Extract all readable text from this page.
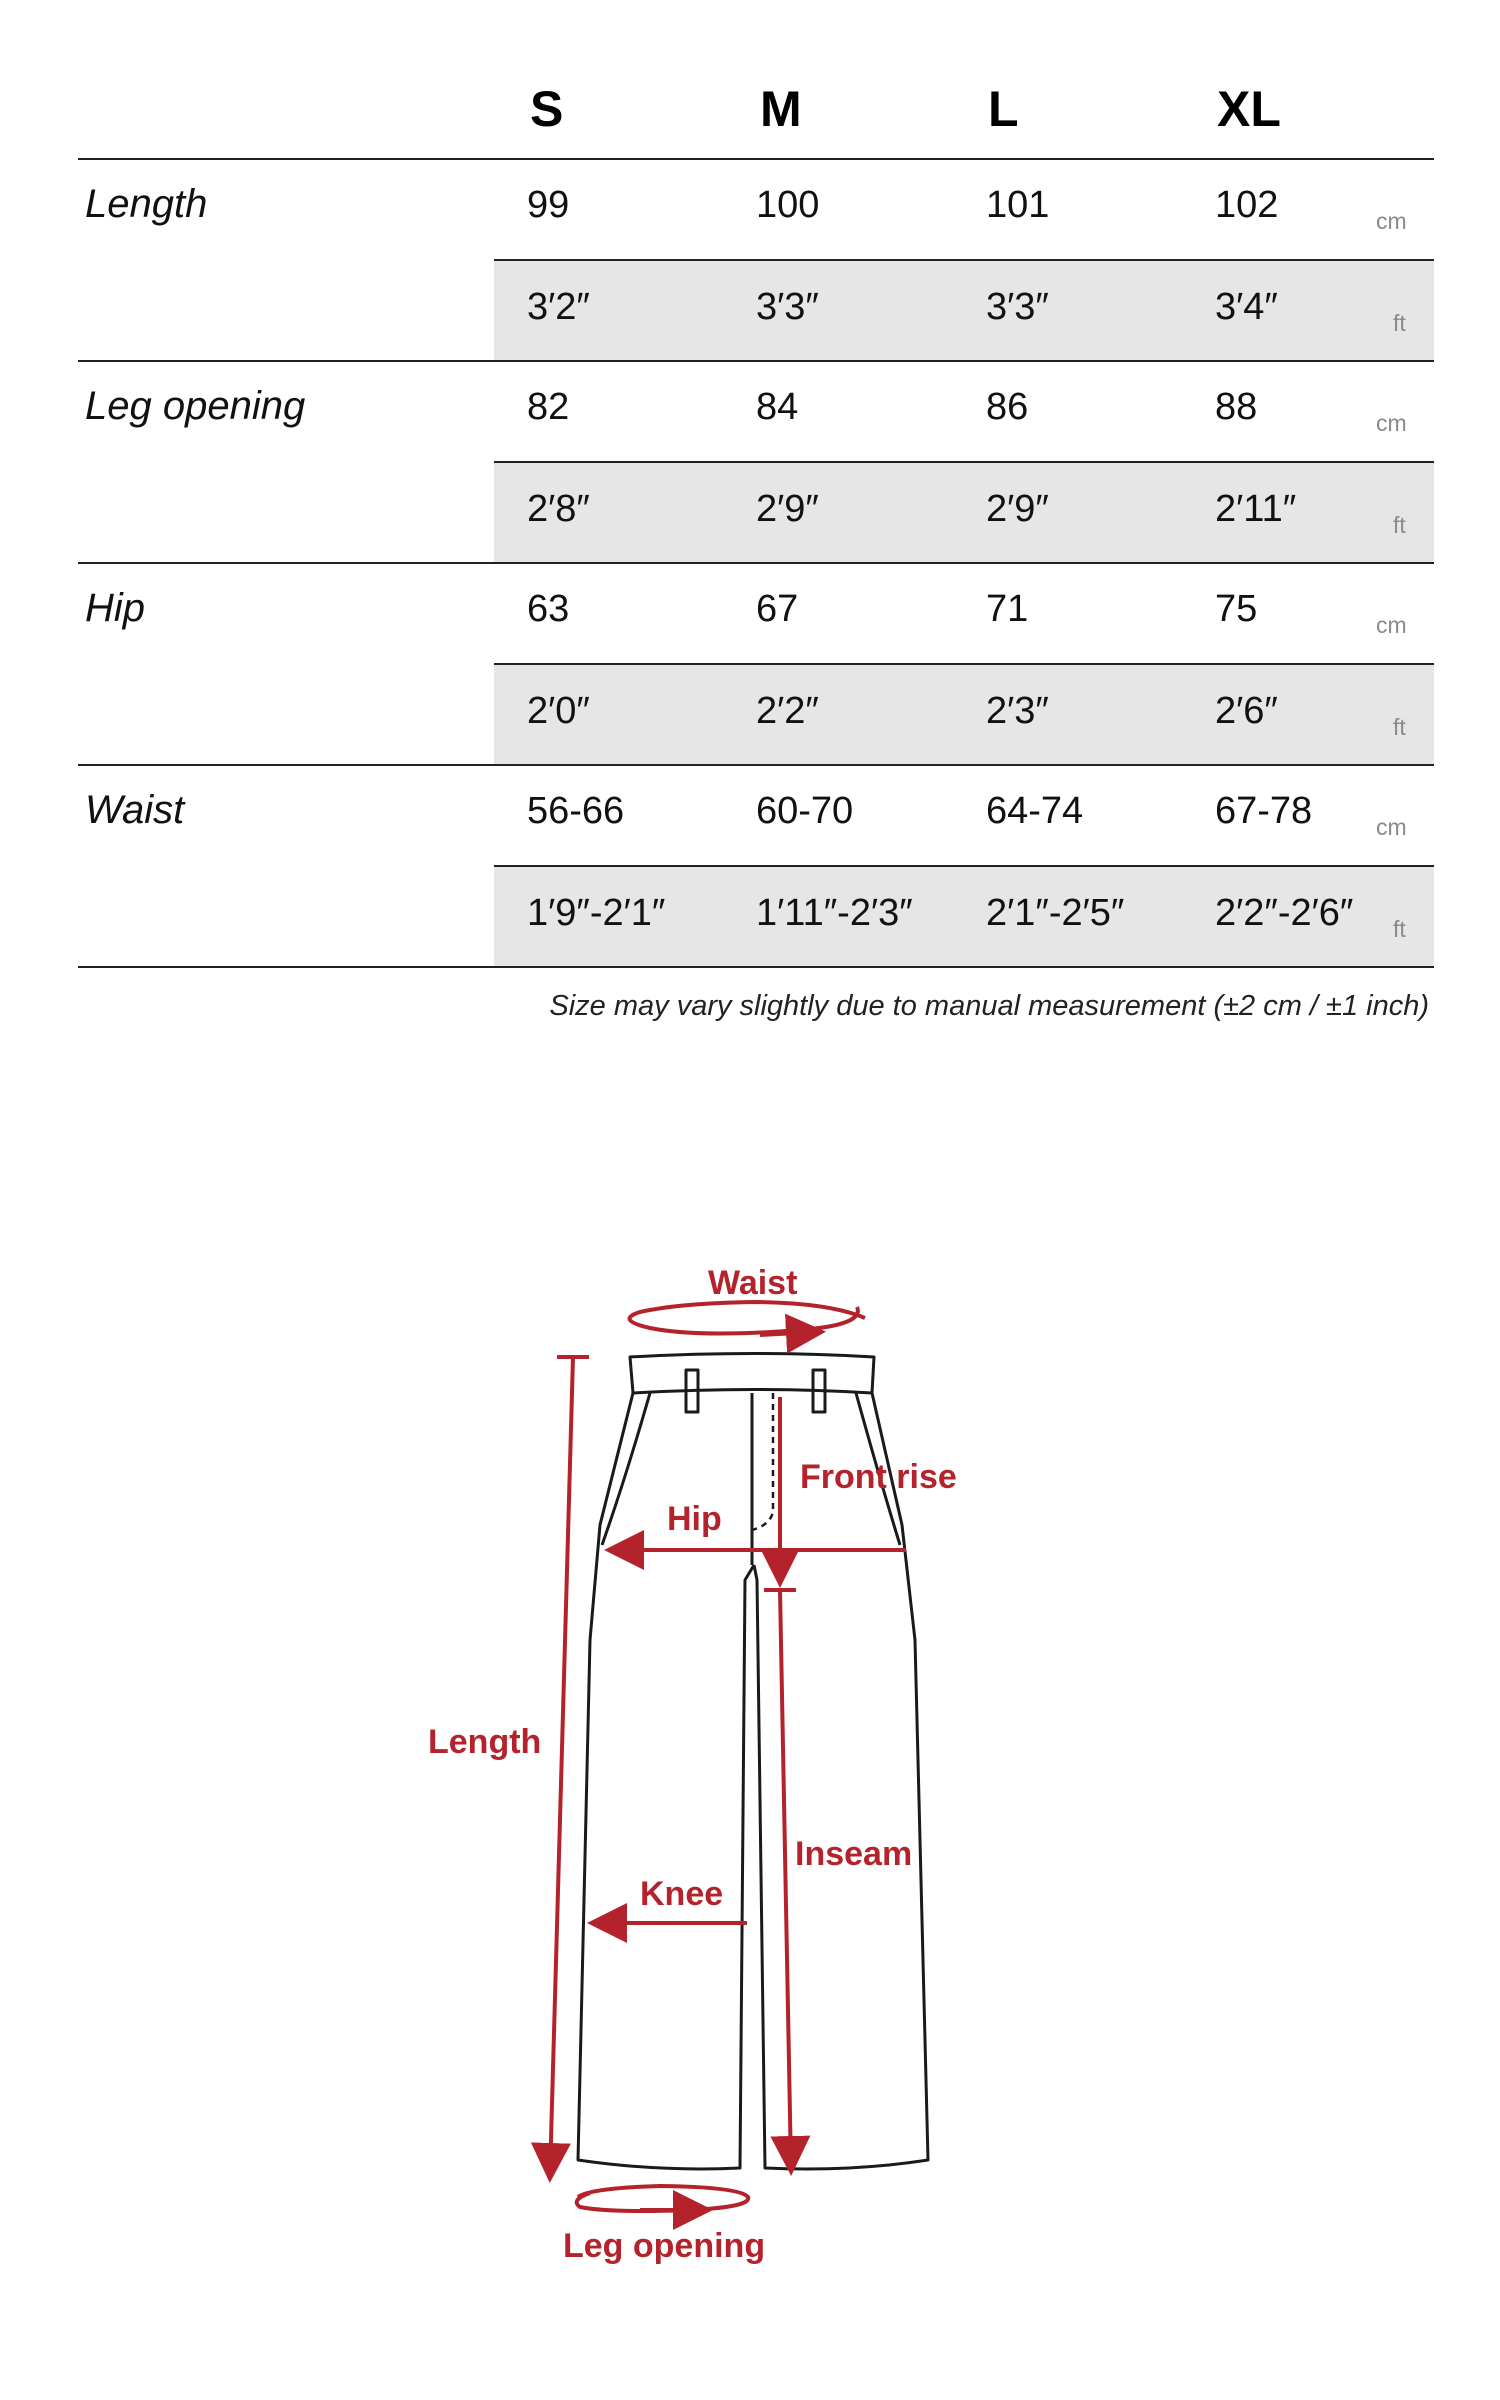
S	M	L	XL
Length	99	100	101	102	cm
3′2″	3′3″	3′3″	3′4″	ft
Leg opening	82	84	86	88	cm
2′8″	2′9″	2′9″	2′11″	ft
Hip	63	67	71	75	cm
2′0″	2′2″	2′3″	2′6″	ft
Waist	56-66	60-70	64-74	67-78	cm
1′9″-2′1″ 1′11″-2′3″ 2′1″-2′5″ 2′2″-2′6″ ft
Size may vary slightly due to manual measurement (±2 cm / ±1 inch)
Waist
Front rise
Hip
Length
Knee
Inseam
Leg opening
